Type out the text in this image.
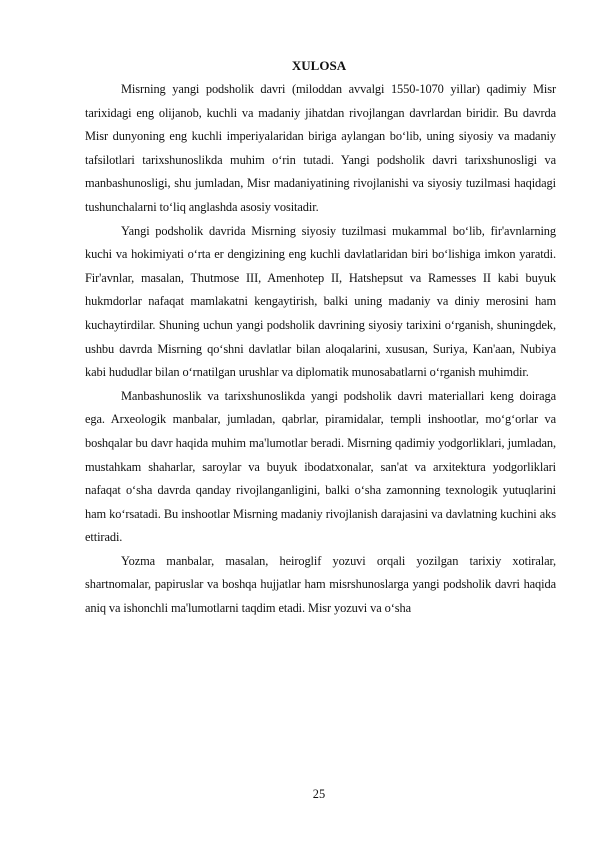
XULOSA

Misrning yangi podsholik davri (miloddan avvalgi 1550-1070 yillar) qadimiy Misr tarixidagi eng olijanob, kuchli va madaniy jihatdan rivojlangan davrlardan biridir. Bu davrda Misr dunyoning eng kuchli imperiyalaridan biriga aylangan bo‘lib, uning siyosiy va madaniy tafsilotlari tarixshunoslikda muhim o‘rin tutadi. Yangi podsholik davri tarixshunosligi va manbashunosligi, shu jumladan, Misr madaniyatining rivojlanishi va siyosiy tuzilmasi haqidagi tushunchalarni to‘liq anglashda asosiy vositadir.

Yangi podsholik davrida Misrning siyosiy tuzilmasi mukammal bo‘lib, fir'avnlarning kuchi va hokimiyati o‘rta er dengizining eng kuchli davlatlaridan biri bo‘lishiga imkon yaratdi. Fir'avnlar, masalan, Thutmose III, Amenhotep II, Hatshepsut va Ramesses II kabi buyuk hukmdorlar nafaqat mamlakatni kengaytirish, balki uning madaniy va diniy merosini ham kuchaytirdilar. Shuning uchun yangi podsholik davrining siyosiy tarixini o‘rganish, shuningdek, ushbu davrda Misrning qo‘shni davlatlar bilan aloqalarini, xususan, Suriya, Kan'aan, Nubiya kabi hududlar bilan o‘rnatilgan urushlar va diplomatik munosabatlarni o‘rganish muhimdir.

Manbashunoslik va tarixshunoslikda yangi podsholik davri materiallari keng doiraga ega. Arxeologik manbalar, jumladan, qabrlar, piramidalar, templi inshootlar, mo‘g‘orlar va boshqalar bu davr haqida muhim ma'lumotlar beradi. Misrning qadimiy yodgorliklari, jumladan, mustahkam shaharlar, saroylar va buyuk ibodatxonalar, san'at va arxitektura yodgorliklari nafaqat o‘sha davrda qanday rivojlanganligini, balki o‘sha zamonning texnologik yutuqlarini ham ko‘rsatadi. Bu inshootlar Misrning madaniy rivojlanish darajasini va davlatning kuchini aks ettiradi.

Yozma manbalar, masalan, heiroglif yozuvi orqali yozilgan tarixiy xotiralar, shartnomalar, papiruslar va boshqa hujjatlar ham misrshunoslarga yangi podsholik davri haqida aniq va ishonchli ma'lumotlarni taqdim etadi. Misr yozuvi va o‘sha

25
